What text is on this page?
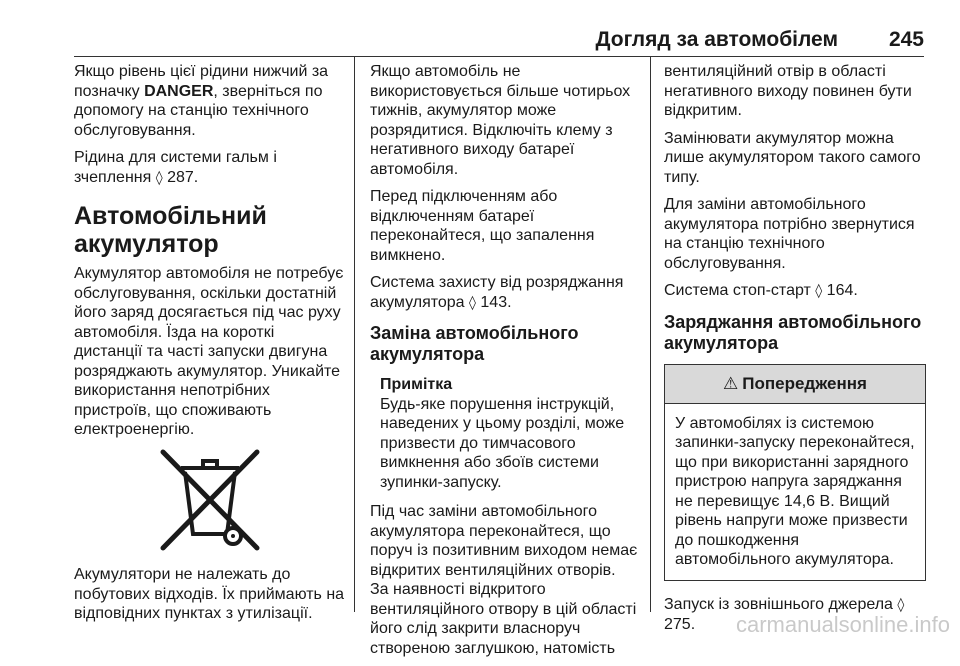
Догляд за автомобілем 245

Якщо рівень цієї рідини нижчий за позначку DANGER, зверніться по допомогу на станцію технічного обслуговування.

Рідина для системи гальм і зчеплення ◊ 287.

Автомобільний акумулятор

Акумулятор автомобіля не потребує обслуговування, оскільки достатній його заряд досягається під час руху автомобіля. Їзда на короткі дистанції та часті запуски двигуна розряджають акумулятор. Уникайте використання непотрібних пристроїв, що споживають електроенергію.

Акумулятори не належать до побутових відходів. Їх приймають на відповідних пунктах з утилізації.

Якщо автомобіль не використовується більше чотирьох тижнів, акумулятор може розрядитися. Відключіть клему з негативного виходу батареї автомобіля.

Перед підключенням або відключенням батареї переконайтеся, що запалення вимкнено.

Система захисту від розряджання акумулятора ◊ 143.

Заміна автомобільного акумулятора
Примітка
Будь-яке порушення інструкцій, наведених у цьому розділі, може призвести до тимчасового вимкнення або збоїв системи зупинки-запуску.

Під час заміни автомобільного акумулятора переконайтеся, що поруч із позитивним виходом немає відкритих вентиляційних отворів. За наявності відкритого вентиляційного отвору в цій області його слід закрити власноруч створеною заглушкою, натомість

вентиляційний отвір в області негативного виходу повинен бути відкритим.

Замінювати акумулятор можна лише акумулятором такого самого типу.

Для заміни автомобільного акумулятора потрібно звернутися на станцію технічного обслуговування.

Система стоп-старт ◊ 164.

Заряджання автомобільного акумулятора
⚠ Попередження
У автомобілях із системою запинки-запуску переконайтеся, що при використанні зарядного пристрою напруга заряджання не перевищує 14,6 В. Вищий рівень напруги може призвести до пошкодження автомобільного акумулятора.

Запуск із зовнішнього джерела ◊ 275.	carmanualsonline.info
